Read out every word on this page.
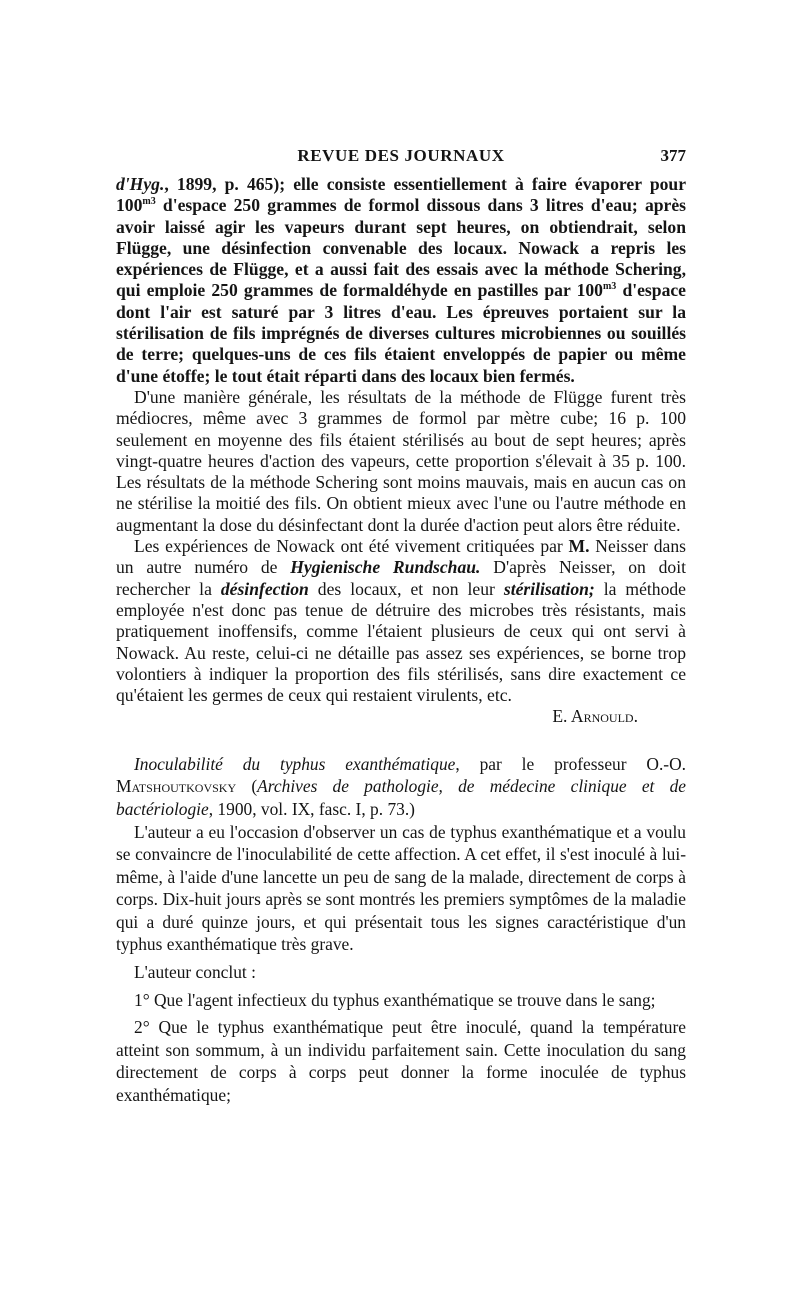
REVUE DES JOURNAUX	377

d'Hyg., 1899, p. 465); elle consiste essentiellement à faire évaporer pour $100^{m3}$ d'espace 250 grammes de formol dissous dans 3 litres d'eau; après avoir laissé agir les vapeurs durant sept heures, on obtiendrait, selon Flügge, une désinfection convenable des locaux. Nowack a repris les expériences de Flügge, et a aussi fait des essais avec la méthode Schering, qui emploie 250 grammes de formaldéhyde en pastilles par $100^{m3}$ d'espace dont l'air est saturé par 3 litres d'eau. Les épreuves portaient sur la stérilisation de fils imprégnés de diverses cultures microbiennes ou souillés de terre; quelques-uns de ces fils étaient enveloppés de papier ou même d'une étoffe; le tout était réparti dans des locaux bien fermés.

D'une manière générale, les résultats de la méthode de Flügge furent très médiocres, même avec 3 grammes de formol par mètre cube; 16 p. 100 seulement en moyenne des fils étaient stérilisés au bout de sept heures; après vingt-quatre heures d'action des vapeurs, cette proportion s'élevait à 35 p. 100. Les résultats de la méthode Schering sont moins mauvais, mais en aucun cas on ne stérilise la moitié des fils. On obtient mieux avec l'une ou l'autre méthode en augmentant la dose du désinfectant dont la durée d'action peut alors être réduite.

Les expériences de Nowack ont été vivement critiquées par M. Neisser dans un autre numéro de Hygienische Rundschau. D'après Neisser, on doit rechercher la désinfection des locaux, et non leur stérilisation; la méthode employée n'est donc pas tenue de détruire des microbes très résistants, mais pratiquement inoffensifs, comme l'étaient plusieurs de ceux qui ont servi à Nowack. Au reste, celui-ci ne détaille pas assez ses expériences, se borne trop volontiers à indiquer la proportion des fils stérilisés, sans dire exactement ce qu'étaient les germes de ceux qui restaient virulents, etc.

E. Arnould.

Inoculabilité du typhus exanthématique, par le professeur O.-O. Matshoutkovsky (Archives de pathologie, de médecine clinique et de bactériologie, 1900, vol. IX, fasc. I, p. 73.)

L'auteur a eu l'occasion d'observer un cas de typhus exanthématique et a voulu se convaincre de l'inoculabilité de cette affection. A cet effet, il s'est inoculé à lui-même, à l'aide d'une lancette un peu de sang de la malade, directement de corps à corps. Dix-huit jours après se sont montrés les premiers symptômes de la maladie qui a duré quinze jours, et qui présentait tous les signes caractéristique d'un typhus exanthématique très grave.

L'auteur conclut :

1° Que l'agent infectieux du typhus exanthématique se trouve dans le sang;

2° Que le typhus exanthématique peut être inoculé, quand la température atteint son sommum, à un individu parfaitement sain. Cette inoculation du sang directement de corps à corps peut donner la forme inoculée de typhus exanthématique;
